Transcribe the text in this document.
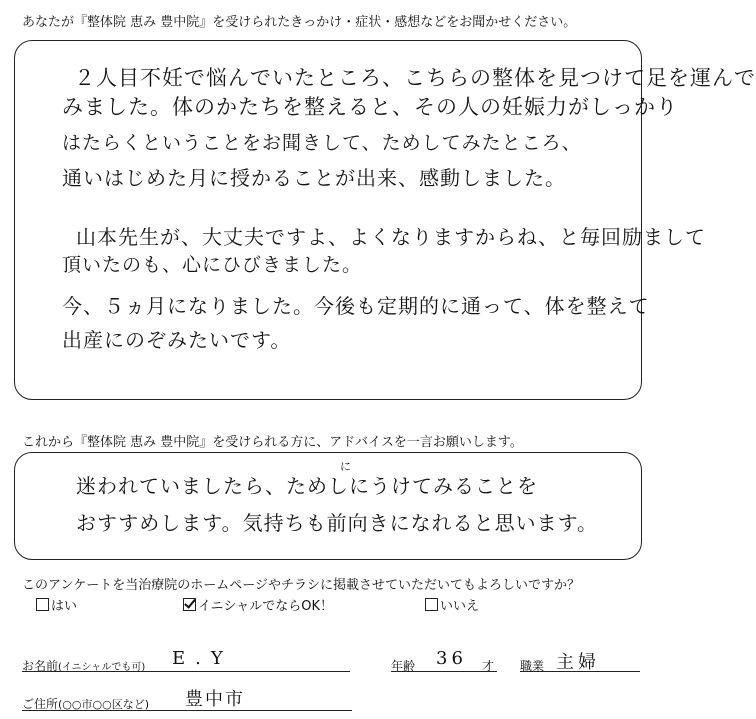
あなたが『整体院 恵み 豊中院』を受けられたきっかけ・症状・感想などをお聞かせください。
２人目不妊で悩んでいたところ、こちらの整体を見つけて足を運んで
みました。体のかたちを整えると、その人の妊娠力がしっかり
はたらくということをお聞きして、ためしてみたところ、
通いはじめた月に授かることが出来、感動しました。
山本先生が、大丈夫ですよ、よくなりますからね、と毎回励まして
頂いたのも、心にひびきました。
今、５ヵ月になりました。今後も定期的に通って、体を整えて
出産にのぞみたいです。
これから『整体院 恵み 豊中院』を受けられる方に、アドバイスを一言お願いします。
に
迷われていましたら、ためしにうけてみることを
おすすめします。気持ちも前向きになれると思います。
このアンケートを当治療院のホームページやチラシに掲載させていただいてもよろしいですか？
はい	イニシャルでならOK！	いいえ
お名前(イニシャルでも可) E.Y	年齢 36 才 職業 主婦
ご住所(○○市○○区など) 豊中市
